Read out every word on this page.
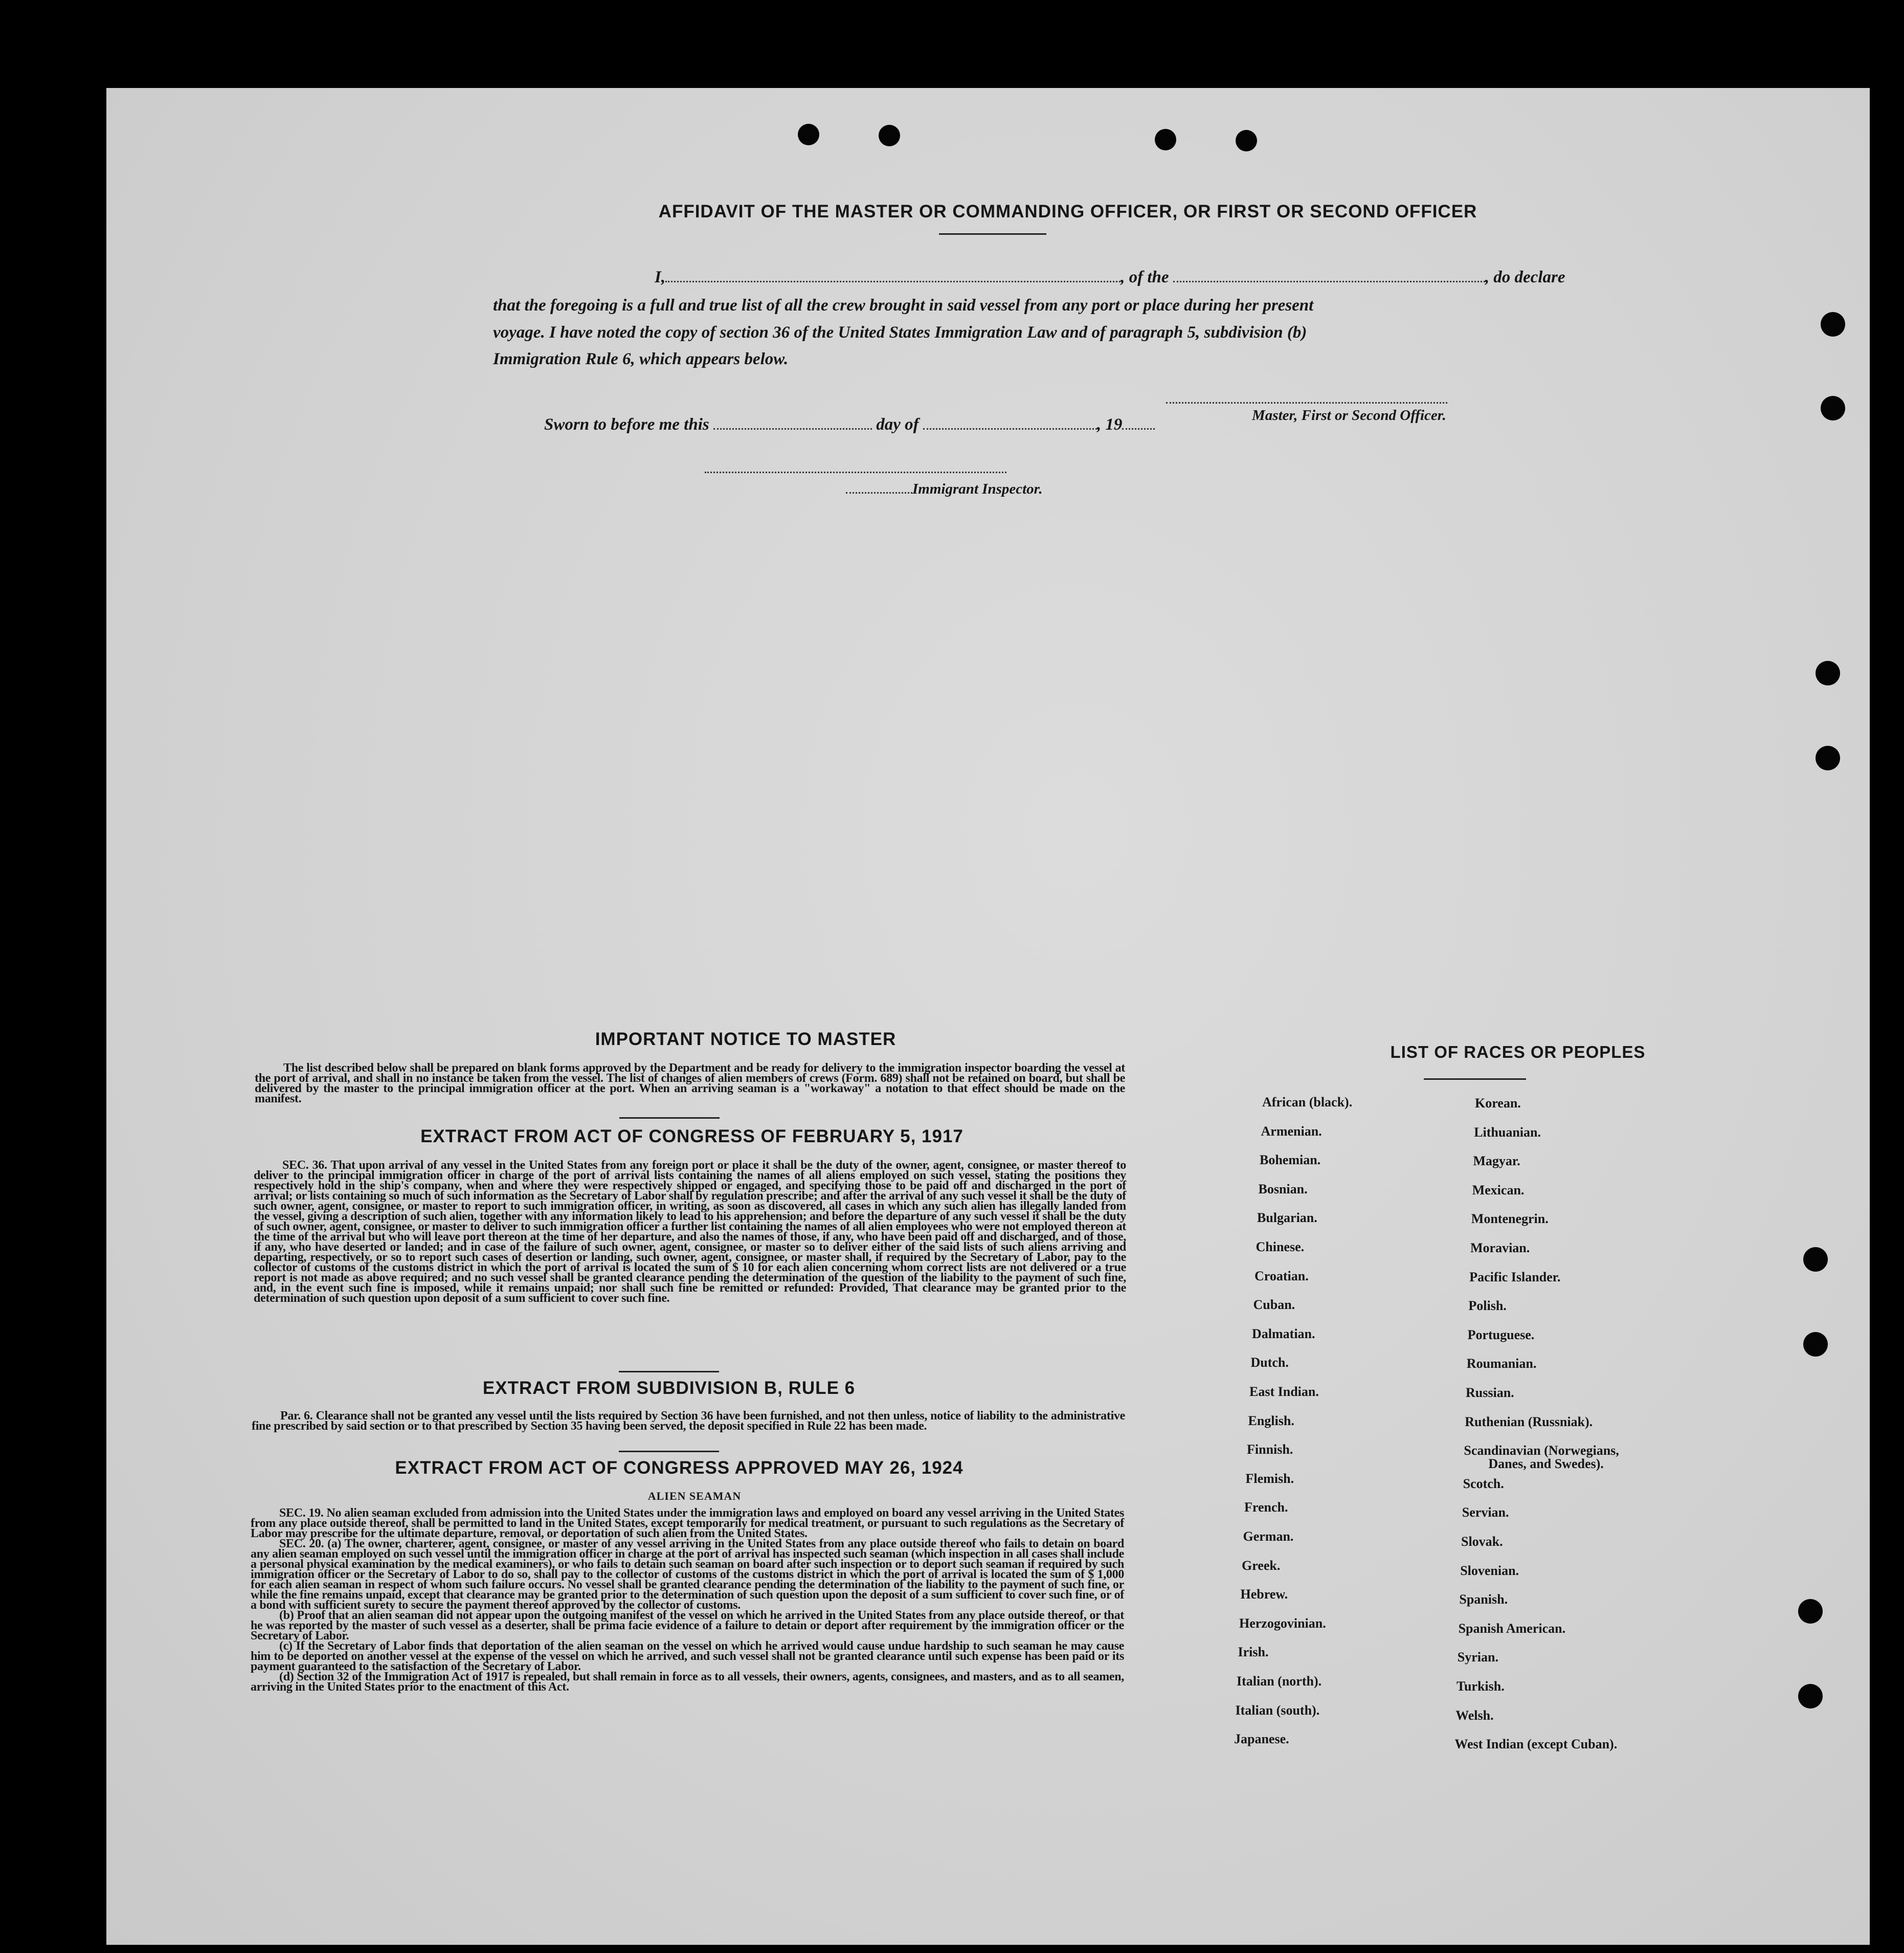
AFFIDAVIT OF THE MASTER OR COMMANDING OFFICER, OR FIRST OR SECOND OFFICER
I,	, of the	, do declare
that the foregoing is a full and true list of all the crew brought in said vessel from any port or place during her present
voyage. I have noted the copy of section 36 of the United States Immigration Law and of paragraph 5, subdivision (b)
Immigration Rule 6, which appears below.
Master, First or Second Officer.
Sworn to before me this	day of	, 19
Immigrant Inspector.
IMPORTANT NOTICE TO MASTER

The list described below shall be prepared on blank forms approved by the Department and be ready for delivery to the immigration inspector boarding the vessel at the port of arrival, and shall in no instance be taken from the vessel. The list of changes of alien members of crews (Form. 689) shall not be retained on board, but shall be delivered by the master to the principal immigration officer at the port. When an arriving seaman is a "workaway" a notation to that effect should be made on the manifest.

EXTRACT FROM ACT OF CONGRESS OF FEBRUARY 5, 1917

SEC. 36. That upon arrival of any vessel in the United States from any foreign port or place it shall be the duty of the owner, agent, consignee, or master thereof to deliver to the principal immigration officer in charge of the port of arrival lists containing the names of all aliens employed on such vessel, stating the positions they respectively hold in the ship's company, when and where they were respectively shipped or engaged, and specifying those to be paid off and discharged in the port of arrival; or lists containing so much of such information as the Secretary of Labor shall by regulation prescribe; and after the arrival of any such vessel it shall be the duty of such owner, agent, consignee, or master to report to such immigration officer, in writing, as soon as discovered, all cases in which any such alien has illegally landed from the vessel, giving a description of such alien, together with any information likely to lead to his apprehension; and before the departure of any such vessel it shall be the duty of such owner, agent, consignee, or master to deliver to such immigration officer a further list containing the names of all alien employees who were not employed thereon at the time of the arrival but who will leave port thereon at the time of her departure, and also the names of those, if any, who have been paid off and discharged, and of those, if any, who have deserted or landed; and in case of the failure of such owner, agent, consignee, or master so to deliver either of the said lists of such aliens arriving and departing, respectively, or so to report such cases of desertion or landing, such owner, agent, consignee, or master shall, if required by the Secretary of Labor, pay to the collector of customs of the customs district in which the port of arrival is located the sum of $ 10 for each alien concerning whom correct lists are not delivered or a true report is not made as above required; and no such vessel shall be granted clearance pending the determination of the question of the liability to the payment of such fine, and, in the event such fine is imposed, while it remains unpaid; nor shall such fine be remitted or refunded: Provided, That clearance may be granted prior to the determination of such question upon deposit of a sum sufficient to cover such fine.

EXTRACT FROM SUBDIVISION B, RULE 6

Par. 6. Clearance shall not be granted any vessel until the lists required by Section 36 have been furnished, and not then unless, notice of liability to the administrative fine prescribed by said section or to that prescribed by Section 35 having been served, the deposit specified in Rule 22 has been made.

EXTRACT FROM ACT OF CONGRESS APPROVED MAY 26, 1924
ALIEN SEAMAN

SEC. 19. No alien seaman excluded from admission into the United States under the immigration laws and employed on board any vessel arriving in the United States from any place outside thereof, shall be permitted to land in the United States, except temporarily for medical treatment, or pursuant to such regulations as the Secretary of Labor may prescribe for the ultimate departure, removal, or deportation of such alien from the United States.

SEC. 20. (a) The owner, charterer, agent, consignee, or master of any vessel arriving in the United States from any place outside thereof who fails to detain on board any alien seaman employed on such vessel until the immigration officer in charge at the port of arrival has inspected such seaman (which inspection in all cases shall include a personal physical examination by the medical examiners), or who fails to detain such seaman on board after such inspection or to deport such seaman if required by such immigration officer or the Secretary of Labor to do so, shall pay to the collector of customs of the customs district in which the port of arrival is located the sum of $ 1,000 for each alien seaman in respect of whom such failure occurs. No vessel shall be granted clearance pending the determination of the liability to the payment of such fine, or while the fine remains unpaid, except that clearance may be granted prior to the determination of such question upon the deposit of a sum sufficient to cover such fine, or of a bond with sufficient surety to secure the payment thereof approved by the collector of customs.

(b) Proof that an alien seaman did not appear upon the outgoing manifest of the vessel on which he arrived in the United States from any place outside thereof, or that he was reported by the master of such vessel as a deserter, shall be prima facie evidence of a failure to detain or deport after requirement by the immigration officer or the Secretary of Labor.

(c) If the Secretary of Labor finds that deportation of the alien seaman on the vessel on which he arrived would cause undue hardship to such seaman he may cause him to be deported on another vessel at the expense of the vessel on which he arrived, and such vessel shall not be granted clearance until such expense has been paid or its payment guaranteed to the satisfaction of the Secretary of Labor.

(d) Section 32 of the Immigration Act of 1917 is repealed, but shall remain in force as to all vessels, their owners, agents, consignees, and masters, and as to all seamen, arriving in the United States prior to the enactment of this Act.

LIST OF RACES OR PEOPLES
African (black).
Armenian.
Bohemian.
Bosnian.
Bulgarian.
Chinese.
Croatian.
Cuban.
Dalmatian.
Dutch.
East Indian.
English.
Finnish.
Flemish.
French.
German.
Greek.
Hebrew.
Herzogovinian.
Irish.
Italian (north).
Italian (south).
Japanese.
Korean.
Lithuanian.
Magyar.
Mexican.
Montenegrin.
Moravian.
Pacific Islander.
Polish.
Portuguese.
Roumanian.
Russian.
Ruthenian (Russniak).
Scandinavian (Norwegians,
Danes, and Swedes).
Scotch.
Servian.
Slovak.
Slovenian.
Spanish.
Spanish American.
Syrian.
Turkish.
Welsh.
West Indian (except Cuban).
